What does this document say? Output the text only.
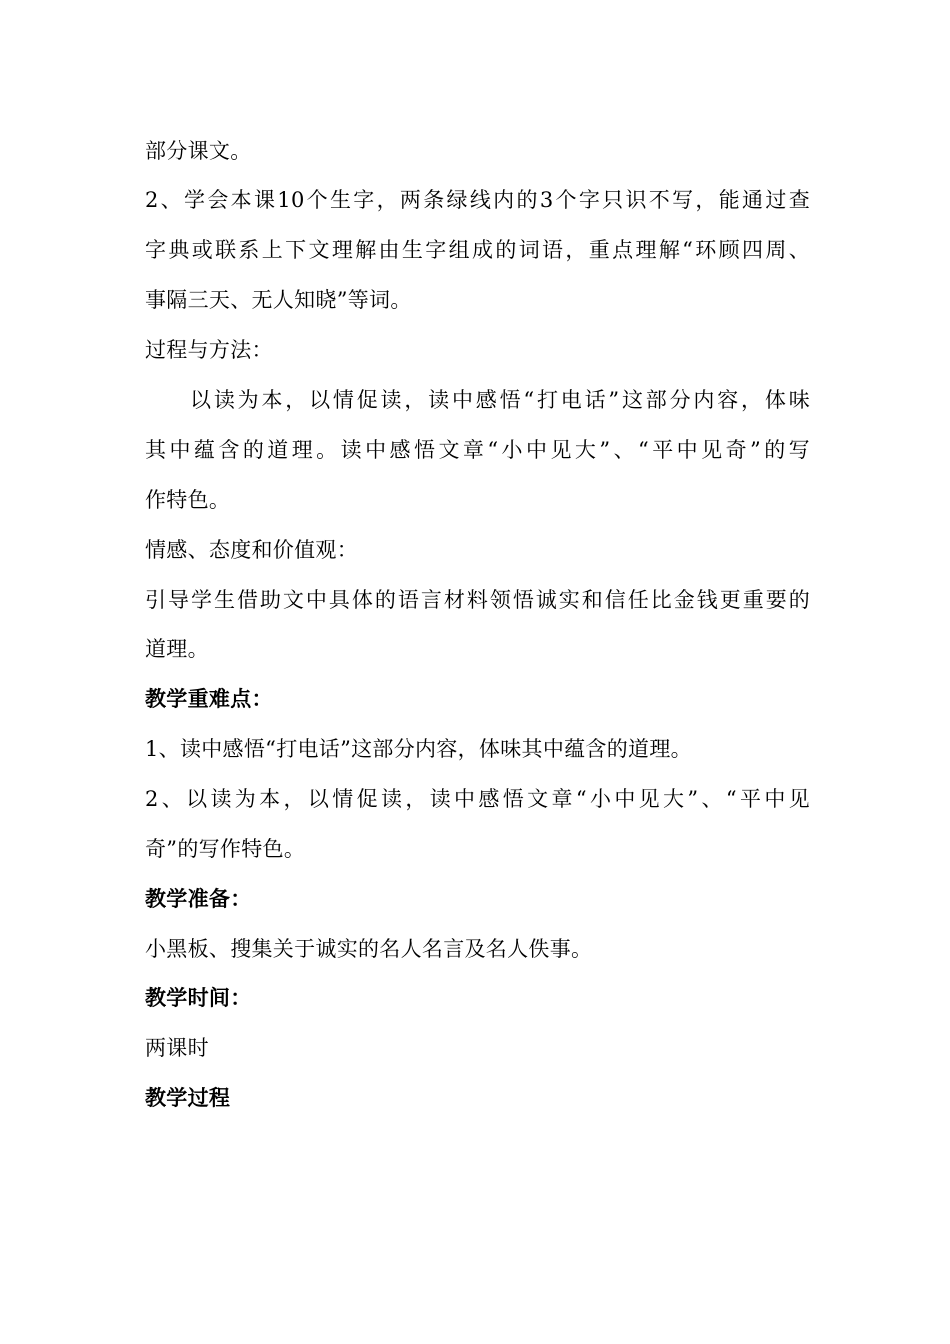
部分课文。
2、学会本课10个生字，两条绿线内的3个字只识不写，能通过查
字典或联系上下文理解由生字组成的词语，重点理解“环顾四周、
事隔三天、无人知晓”等词。
过程与方法：
以读为本，以情促读，读中感悟“打电话”这部分内容，体味
其中蕴含的道理。读中感悟文章“小中见大”、“平中见奇”的写
作特色。
情感、态度和价值观：
引导学生借助文中具体的语言材料领悟诚实和信任比金钱更重要的
道理。
教学重难点：
1、读中感悟“打电话”这部分内容，体味其中蕴含的道理。
2、以读为本，以情促读，读中感悟文章“小中见大”、“平中见
奇”的写作特色。
教学准备：
小黑板、搜集关于诚实的名人名言及名人佚事。
教学时间：
两课时
教学过程
